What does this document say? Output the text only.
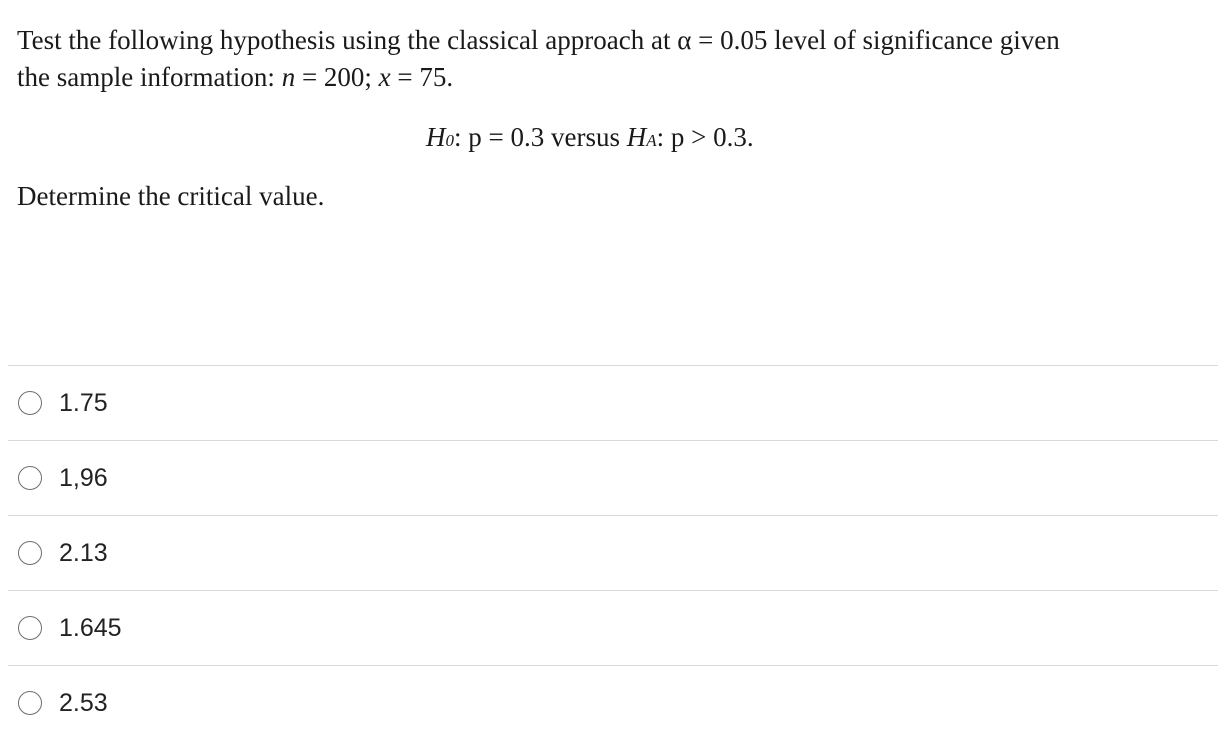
Test the following hypothesis using the classical approach at α = 0.05 level of significance given
the sample information: n = 200; x = 75.
H0: p = 0.3 versus HA: p > 0.3.
Determine the critical value.
1.75
1,96
2.13
1.645
2.53
